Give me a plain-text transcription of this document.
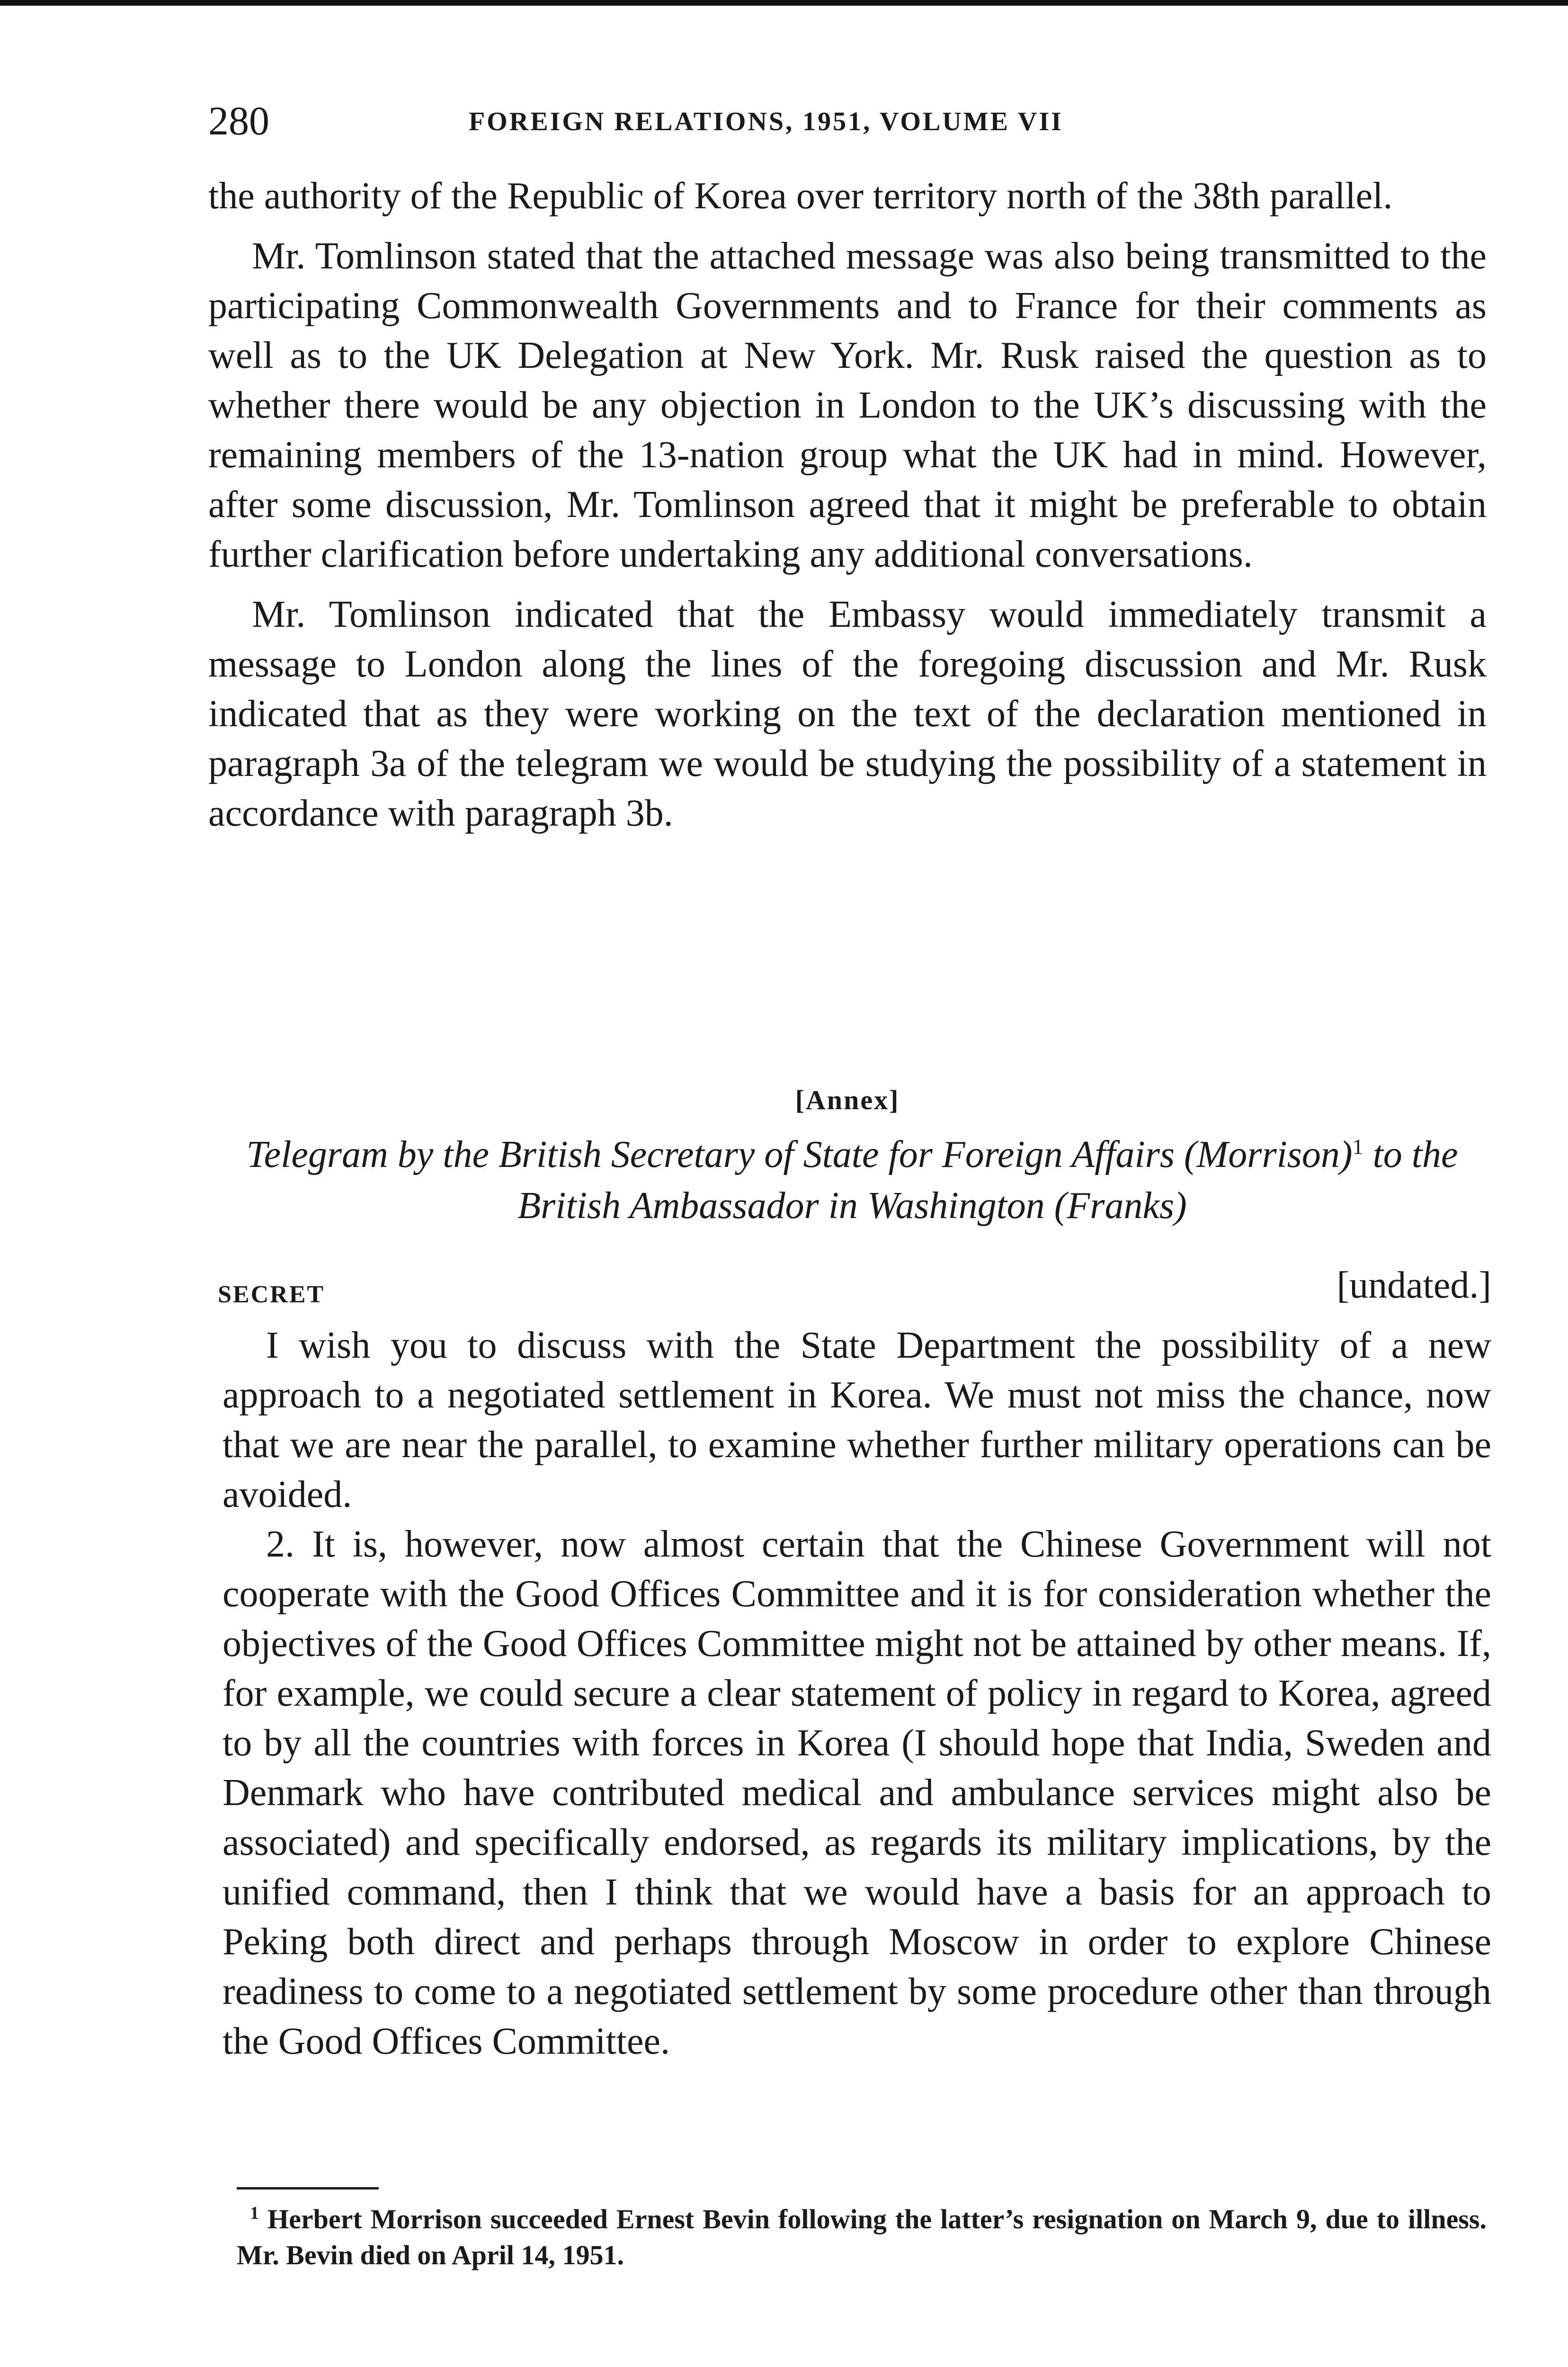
280	FOREIGN RELATIONS, 1951, VOLUME VII

the authority of the Republic of Korea over territory north of the 38th parallel.

Mr. Tomlinson stated that the attached message was also being transmitted to the participating Commonwealth Governments and to France for their comments as well as to the UK Delegation at New York. Mr. Rusk raised the question as to whether there would be any objection in London to the UK’s discussing with the remaining members of the 13-nation group what the UK had in mind. However, after some discussion, Mr. Tomlinson agreed that it might be preferable to obtain further clarification before undertaking any additional conversations.

Mr. Tomlinson indicated that the Embassy would immediately transmit a message to London along the lines of the foregoing discussion and Mr. Rusk indicated that as they were working on the text of the declaration mentioned in paragraph 3a of the telegram we would be studying the possibility of a statement in accordance with paragraph 3b.

[Annex]
Telegram by the British Secretary of State for Foreign Affairs (Morrison)$^1$ to the British Ambassador in Washington (Franks)
SECRET	[undated.]

I wish you to discuss with the State Department the possibility of a new approach to a negotiated settlement in Korea. We must not miss the chance, now that we are near the parallel, to examine whether further military operations can be avoided.

2. It is, however, now almost certain that the Chinese Government will not cooperate with the Good Offices Committee and it is for consideration whether the objectives of the Good Offices Committee might not be attained by other means. If, for example, we could secure a clear statement of policy in regard to Korea, agreed to by all the countries with forces in Korea (I should hope that India, Sweden and Denmark who have contributed medical and ambulance services might also be associated) and specifically endorsed, as regards its military implications, by the unified command, then I think that we would have a basis for an approach to Peking both direct and perhaps through Moscow in order to explore Chinese readiness to come to a negotiated settlement by some procedure other than through the Good Offices Committee.

$^1$ Herbert Morrison succeeded Ernest Bevin following the latter’s resignation on March 9, due to illness. Mr. Bevin died on April 14, 1951.
